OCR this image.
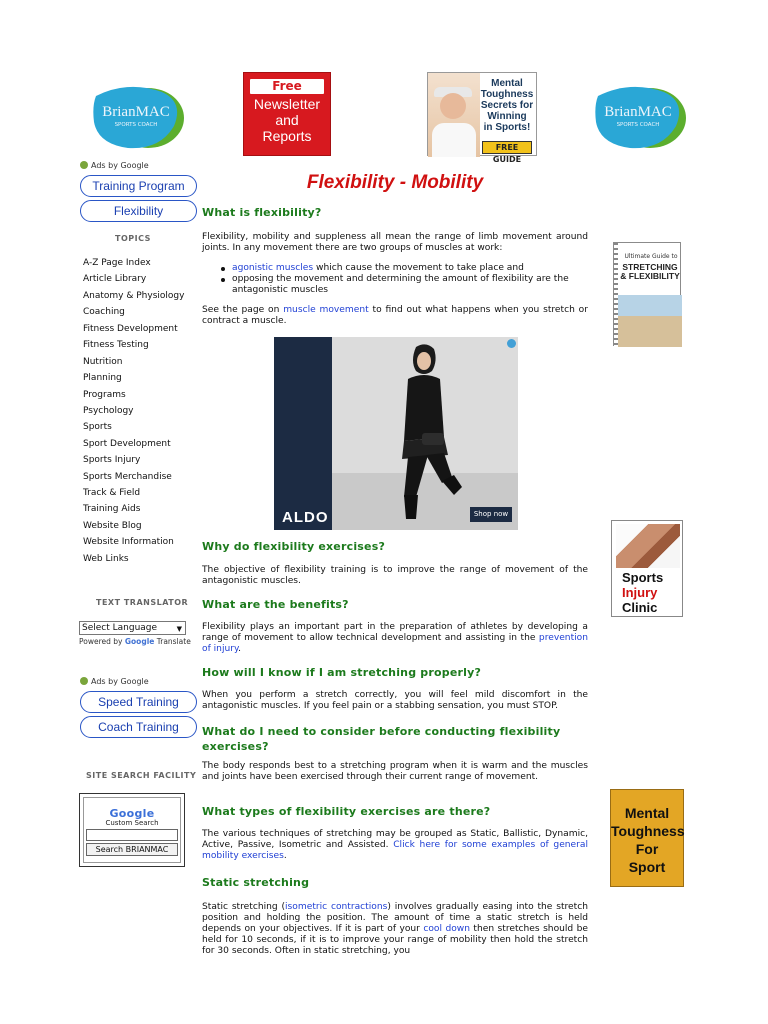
BrianMAC
SPORTS COACH
Free
Newsletter
and
Reports
Mental
Toughness
Secrets for
Winning
in Sports!
FREE GUIDE
BrianMAC
SPORTS COACH
Ads by Google
Training Program
Flexibility
TOPICS
A-Z Page Index
Article Library
Anatomy & Physiology
Coaching
Fitness Development
Fitness Testing
Nutrition
Planning
Programs
Psychology
Sports
Sport Development
Sports Injury
Sports Merchandise
Track & Field
Training Aids
Website Blog
Website Information
Web Links
TEXT TRANSLATOR
Select Language	▼
Powered by Google Translate
Ads by Google
Speed Training
Coach Training
SITE SEARCH FACILITY
Google
Custom Search
Search BRIANMAC
Flexibility - Mobility
What is flexibility?
Flexibility, mobility and suppleness all mean the range of limb movement around joints. In any movement there are two groups of muscles at work:
agonistic muscles which cause the movement to take place and
opposing the movement and determining the amount of flexibility are the antagonistic muscles
See the page on muscle movement to find out what happens when you stretch or contract a muscle.
ALDO	Shop now
Why do flexibility exercises?
The objective of flexibility training is to improve the range of movement of the antagonistic muscles.
What are the benefits?
Flexibility plays an important part in the preparation of athletes by developing a range of movement to allow technical development and assisting in the prevention of injury.
How will I know if I am stretching properly?
When you perform a stretch correctly, you will feel mild discomfort in the antagonistic muscles. If you feel pain or a stabbing sensation, you must STOP.
What do I need to consider before conducting flexibility exercises?
The body responds best to a stretching program when it is warm and the muscles and joints have been exercised through their current range of movement.
What types of flexibility exercises are there?
The various techniques of stretching may be grouped as Static, Ballistic, Dynamic, Active, Passive, Isometric and Assisted. Click here for some examples of general mobility exercises.
Static stretching
Static stretching (isometric contractions) involves gradually easing into the stretch position and holding the position. The amount of time a static stretch is held depends on your objectives. If it is part of your cool down then stretches should be held for 10 seconds, if it is to improve your range of mobility then hold the stretch for 30 seconds. Often in static stretching, you
Ultimate Guide to
STRETCHING & FLEXIBILITY
Sports
Injury
Clinic
Mental
Toughness
For
Sport
